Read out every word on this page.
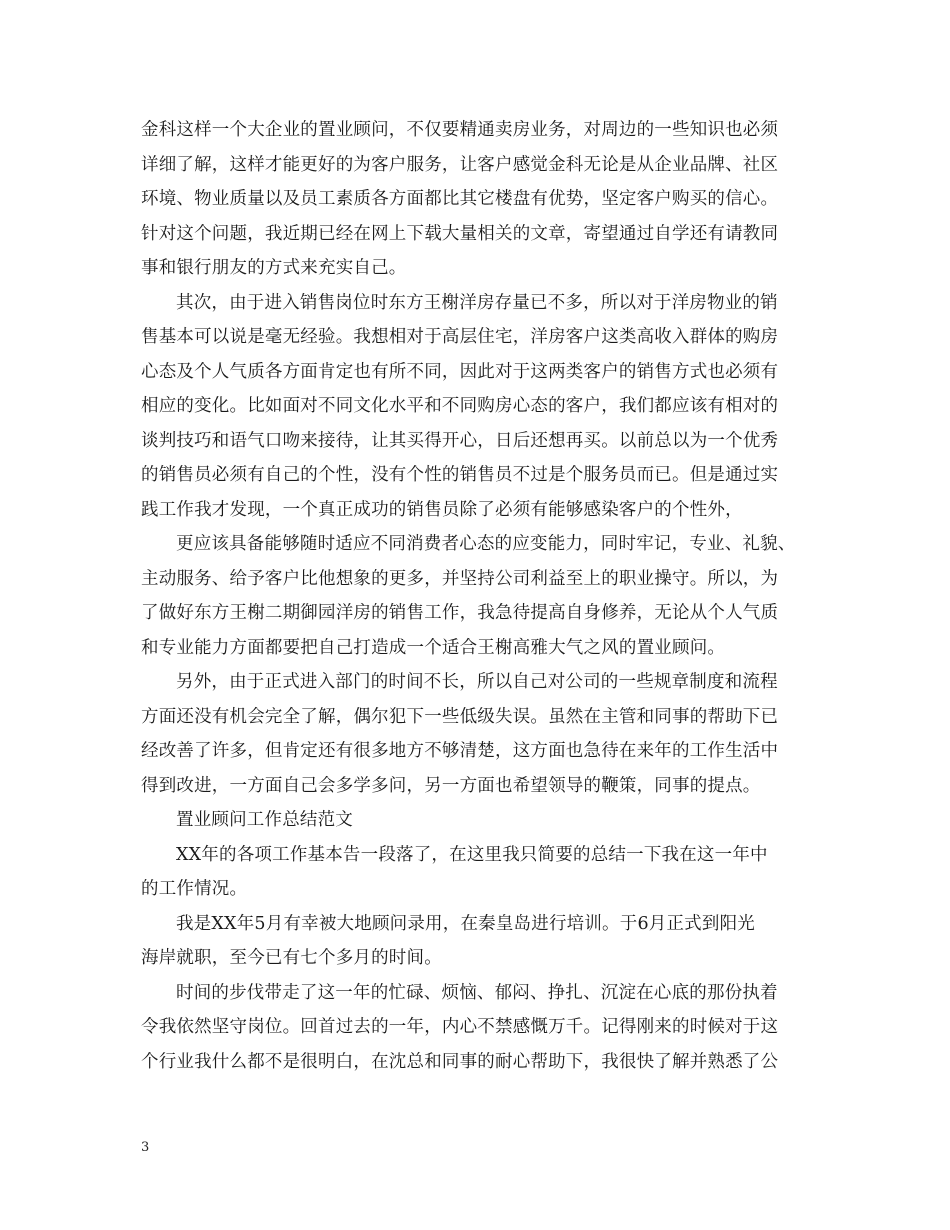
金科这样一个大企业的置业顾问，不仅要精通卖房业务，对周边的一些知识也必须
详细了解，这样才能更好的为客户服务，让客户感觉金科无论是从企业品牌、社区
环境、物业质量以及员工素质各方面都比其它楼盘有优势，坚定客户购买的信心。
针对这个问题，我近期已经在网上下载大量相关的文章，寄望通过自学还有请教同
事和银行朋友的方式来充实自己。
其次，由于进入销售岗位时东方王榭洋房存量已不多，所以对于洋房物业的销
售基本可以说是毫无经验。我想相对于高层住宅，洋房客户这类高收入群体的购房
心态及个人气质各方面肯定也有所不同，因此对于这两类客户的销售方式也必须有
相应的变化。比如面对不同文化水平和不同购房心态的客户，我们都应该有相对的
谈判技巧和语气口吻来接待，让其买得开心，日后还想再买。以前总以为一个优秀
的销售员必须有自己的个性，没有个性的销售员不过是个服务员而已。但是通过实
践工作我才发现，一个真正成功的销售员除了必须有能够感染客户的个性外，
更应该具备能够随时适应不同消费者心态的应变能力，同时牢记，专业、礼貌、
主动服务、给予客户比他想象的更多，并坚持公司利益至上的职业操守。所以，为
了做好东方王榭二期御园洋房的销售工作，我急待提高自身修养，无论从个人气质
和专业能力方面都要把自己打造成一个适合王榭高雅大气之风的置业顾问。
另外，由于正式进入部门的时间不长，所以自己对公司的一些规章制度和流程
方面还没有机会完全了解，偶尔犯下一些低级失误。虽然在主管和同事的帮助下已
经改善了许多，但肯定还有很多地方不够清楚，这方面也急待在来年的工作生活中
得到改进，一方面自己会多学多问，另一方面也希望领导的鞭策，同事的提点。
置业顾问工作总结范文
XX年的各项工作基本告一段落了，在这里我只简要的总结一下我在这一年中
的工作情况。
我是XX年5月有幸被大地顾问录用，在秦皇岛进行培训。于6月正式到阳光
海岸就职，至今已有七个多月的时间。
时间的步伐带走了这一年的忙碌、烦恼、郁闷、挣扎、沉淀在心底的那份执着
令我依然坚守岗位。回首过去的一年，内心不禁感慨万千。记得刚来的时候对于这
个行业我什么都不是很明白，在沈总和同事的耐心帮助下，我很快了解并熟悉了公
3
